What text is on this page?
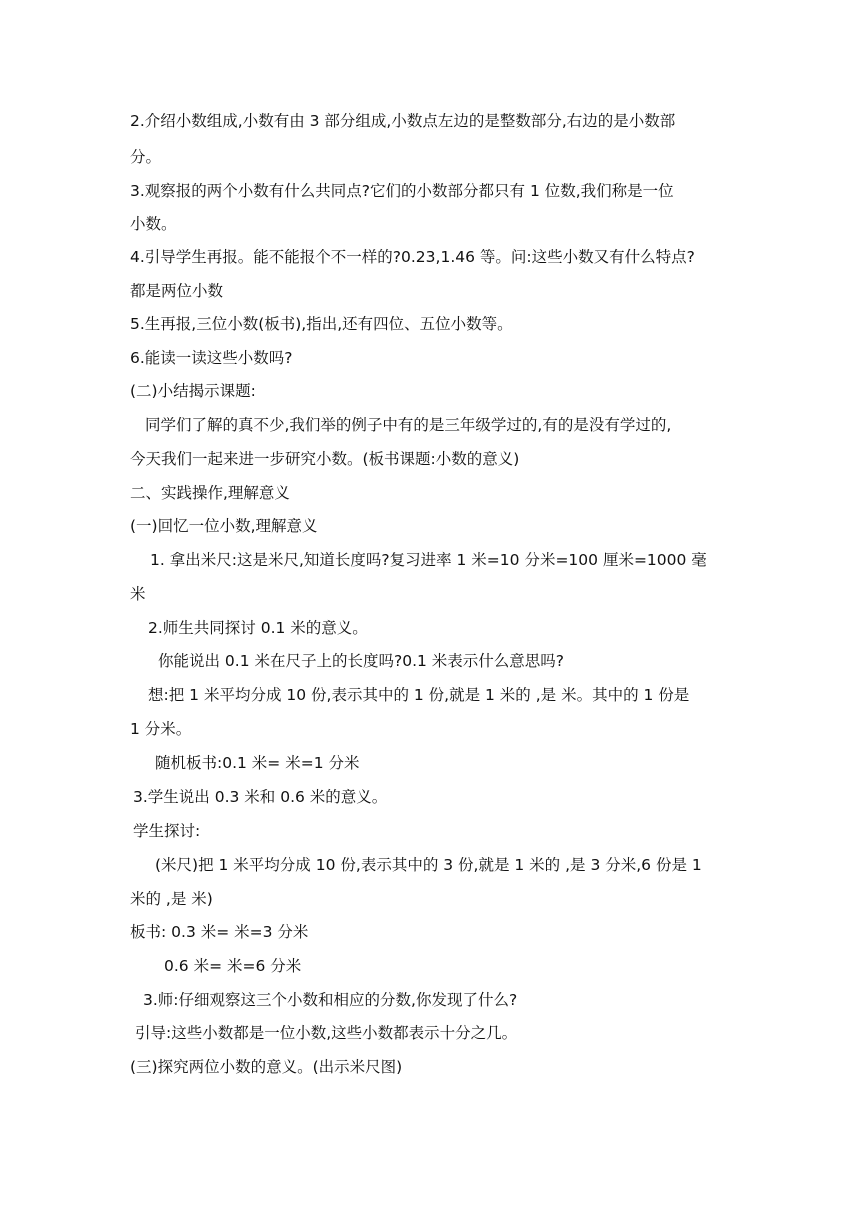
2.介绍小数组成,小数有由 3 部分组成,小数点左边的是整数部分,右边的是小数部
分。
3.观察报的两个小数有什么共同点?它们的小数部分都只有 1 位数,我们称是一位
小数。
4.引导学生再报。能不能报个不一样的?0.23,1.46 等。问:这些小数又有什么特点?
都是两位小数
5.生再报,三位小数(板书),指出,还有四位、五位小数等。
6.能读一读这些小数吗?
(二)小结揭示课题:
同学们了解的真不少,我们举的例子中有的是三年级学过的,有的是没有学过的,
今天我们一起来进一步研究小数。(板书课题:小数的意义)
二、实践操作,理解意义
(一)回忆一位小数,理解意义
1. 拿出米尺:这是米尺,知道长度吗?复习进率 1 米=10 分米=100 厘米=1000 毫
米
2.师生共同探讨 0.1 米的意义。
你能说出 0.1 米在尺子上的长度吗?0.1 米表示什么意思吗?
想:把 1 米平均分成 10 份,表示其中的 1 份,就是 1 米的 ,是 米。其中的 1 份是
1 分米。
随机板书:0.1 米= 米=1 分米
3.学生说出 0.3 米和 0.6 米的意义。
学生探讨:
(米尺)把 1 米平均分成 10 份,表示其中的 3 份,就是 1 米的 ,是 3 分米,6 份是 1
米的 ,是 米)
板书: 0.3 米= 米=3 分米
0.6 米= 米=6 分米
3.师:仔细观察这三个小数和相应的分数,你发现了什么?
引导:这些小数都是一位小数,这些小数都表示十分之几。
(三)探究两位小数的意义。(出示米尺图)
